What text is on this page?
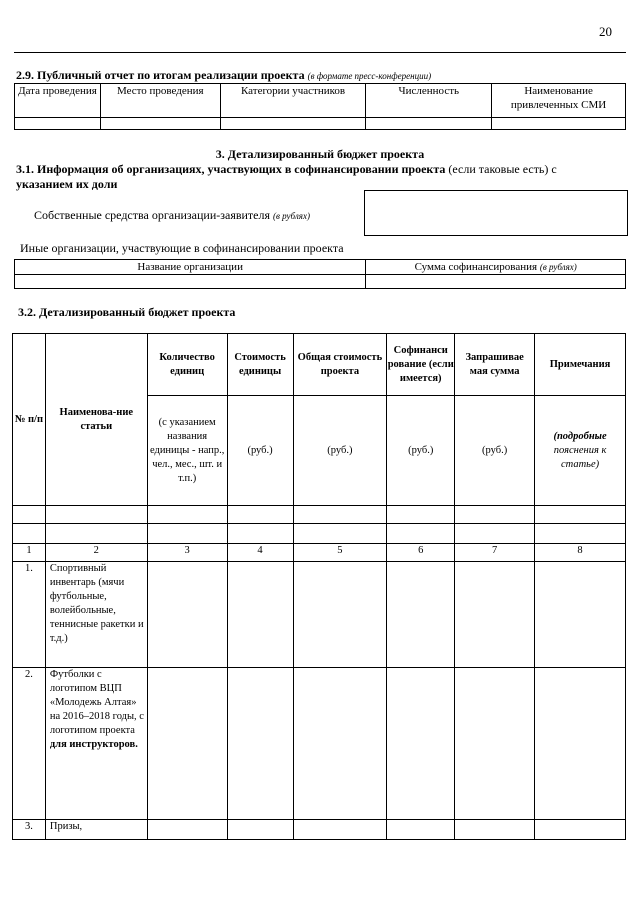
20
2.9. Публичный отчет по итогам реализации проекта (в формате пресс-конференции)
Дата проведения	Место проведения	Категории участников	Численность	Наименование привлеченных СМИ

3. Детализированный бюджет проекта
3.1. Информация об организациях, участвующих в софинансировании проекта (если таковые есть) с
указанием их доли
Собственные средства организации-заявителя (в рублях)
Иные организации, участвующие в софинансировании проекта
Название организации	Сумма софинансирования (в рублях)

3.2. Детализированный бюджет проекта
№ п/п	Наименова-ние статьи	Количество единиц	Стоимость единицы	Общая стоимость проекта	Софинанси рование (если имеется)	Запрашивае мая сумма	Примечания
		(с указанием названия единицы - напр., чел., мес., шт. и т.п.)	(руб.)	(руб.)	(руб.)	(руб.)	(подробные
пояснения к статье)

1	2	3	4	5	6	7	8
1.	Спортивный инвентарь (мячи футбольные, волейбольные, теннисные ракетки и т.д.)						
2.	Футболки с логотипом ВЦП «Молодежь Алтая» на 2016–2018 годы, с логотипом проекта для инструкторов.						
3.	Призы,						
